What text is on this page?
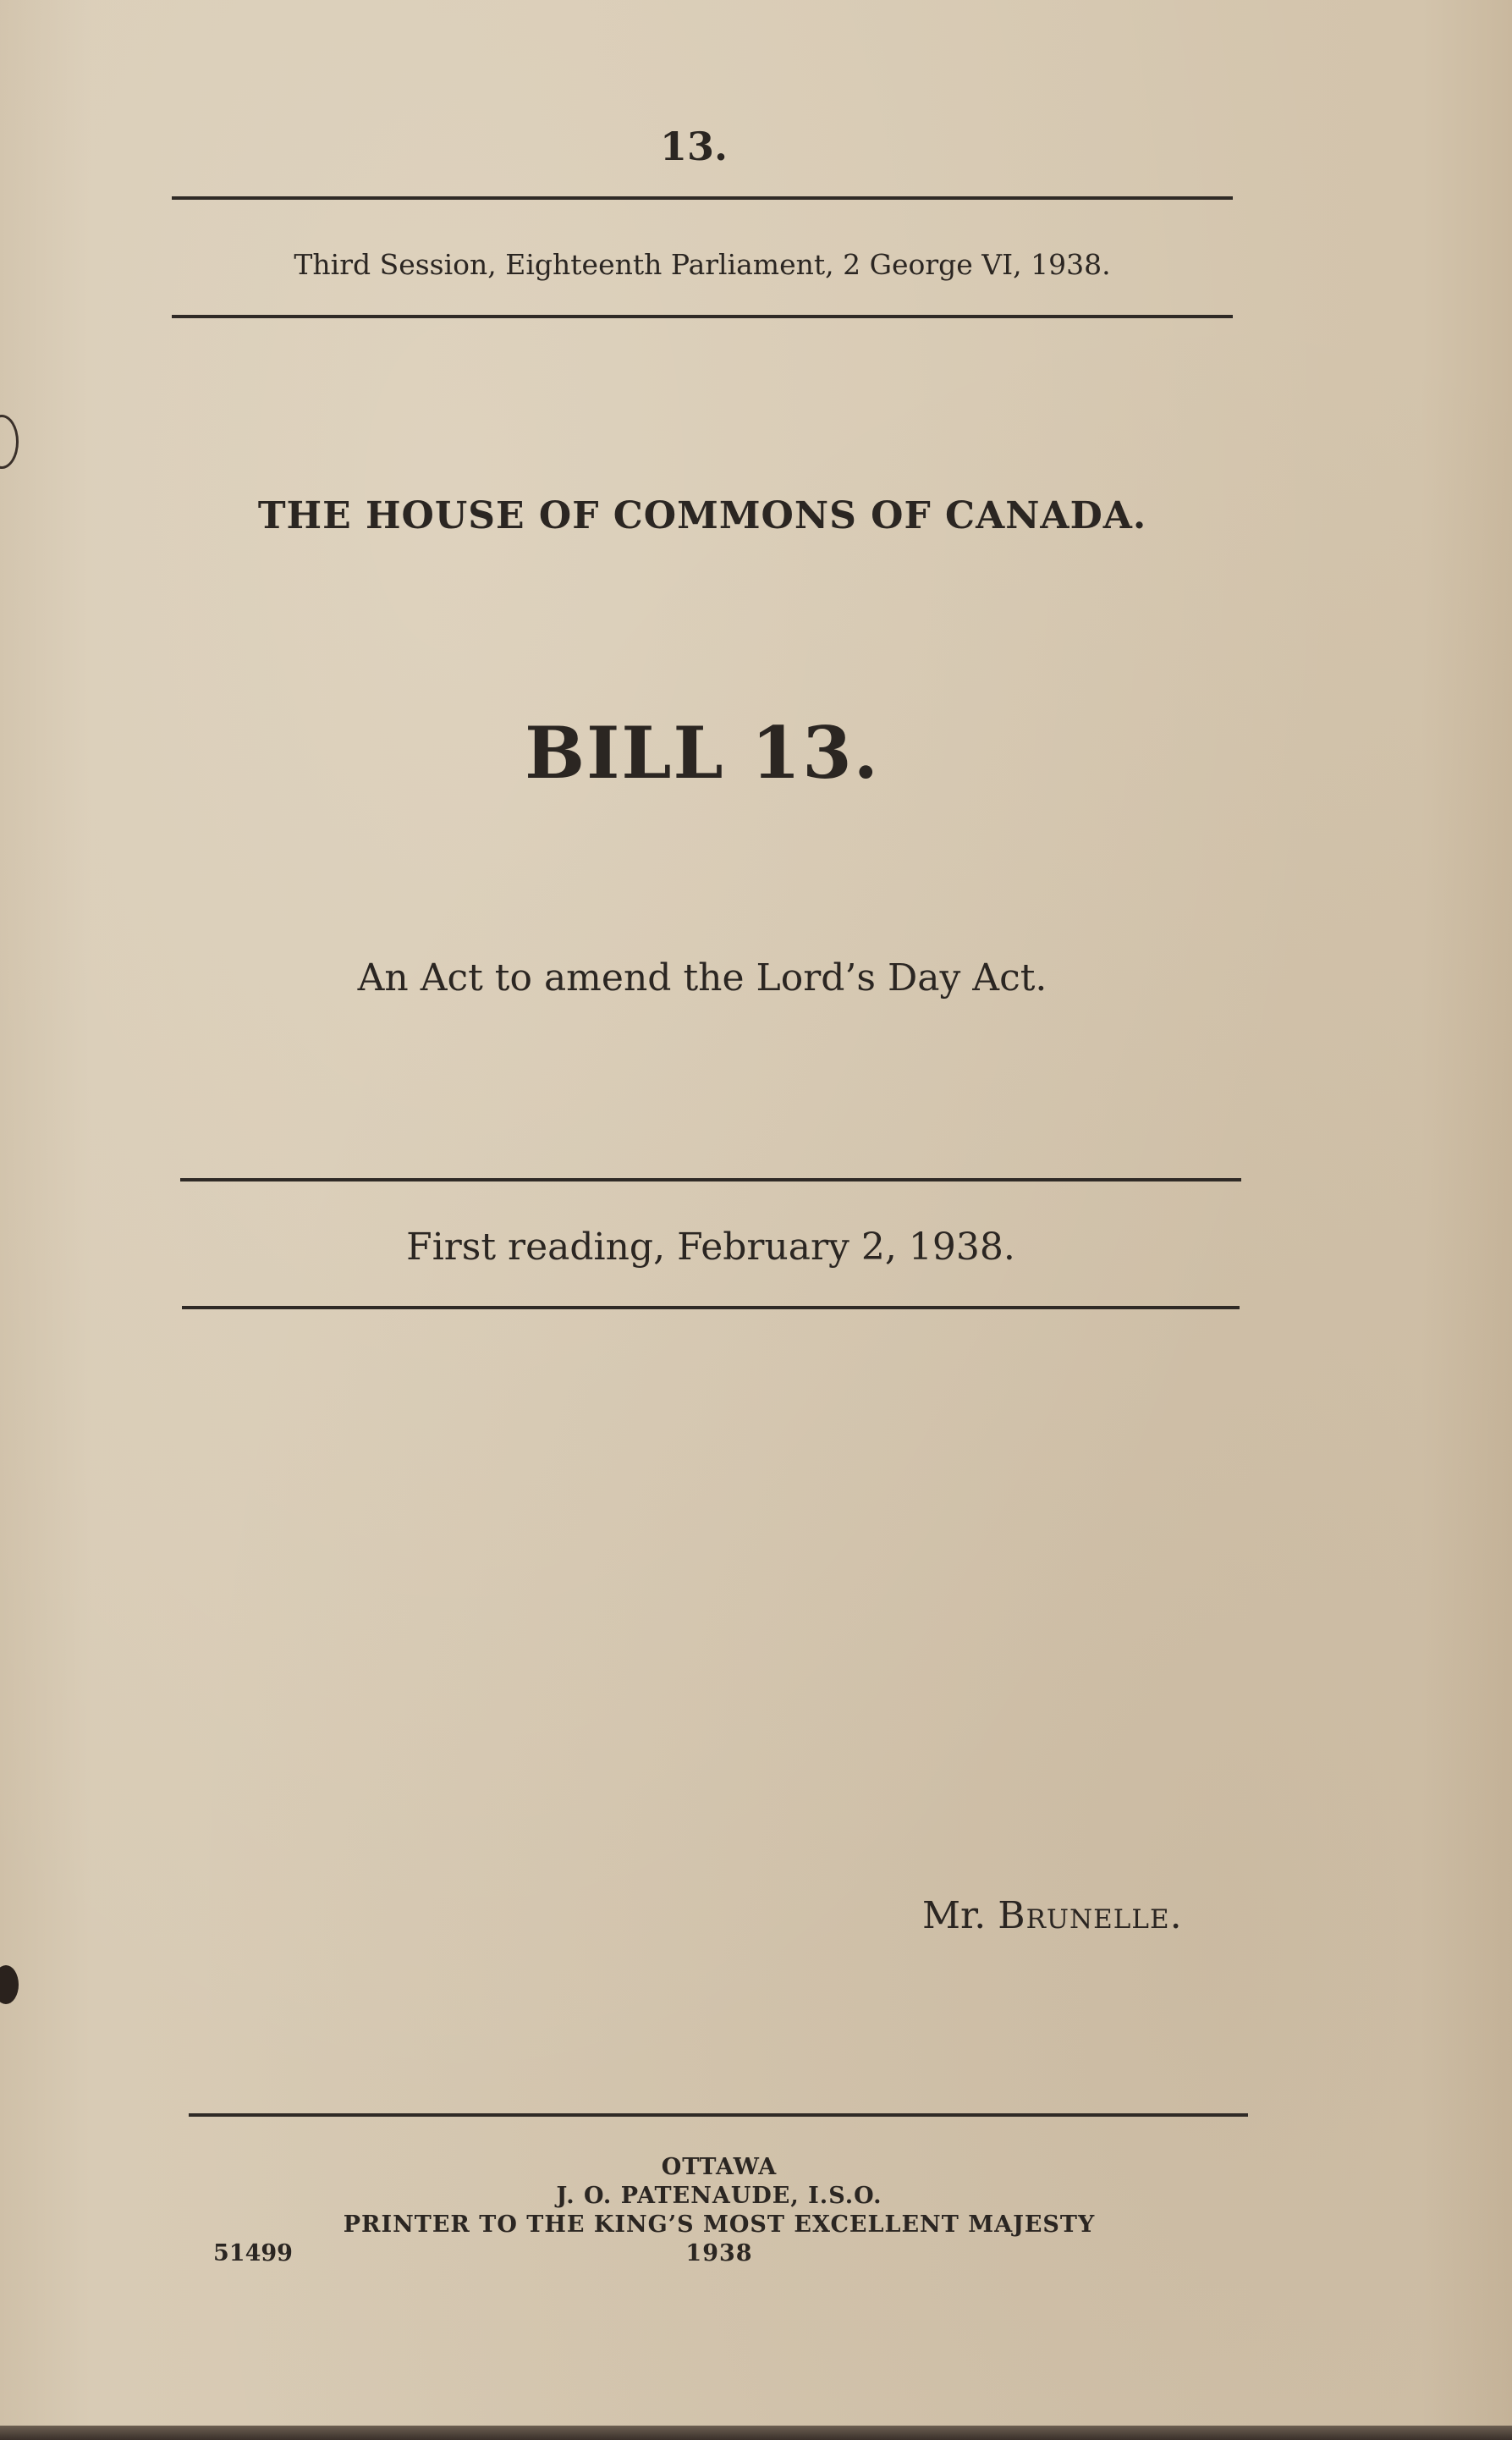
13.
Third Session, Eighteenth Parliament, 2 George VI, 1938.
THE HOUSE OF COMMONS OF CANADA.
BILL 13.
An Act to amend the Lord’s Day Act.
First reading, February 2, 1938.
Mr. Brunelle.
OTTAWA
J. O. PATENAUDE, I.S.O.
PRINTER TO THE KING’S MOST EXCELLENT MAJESTY
1938
51499
